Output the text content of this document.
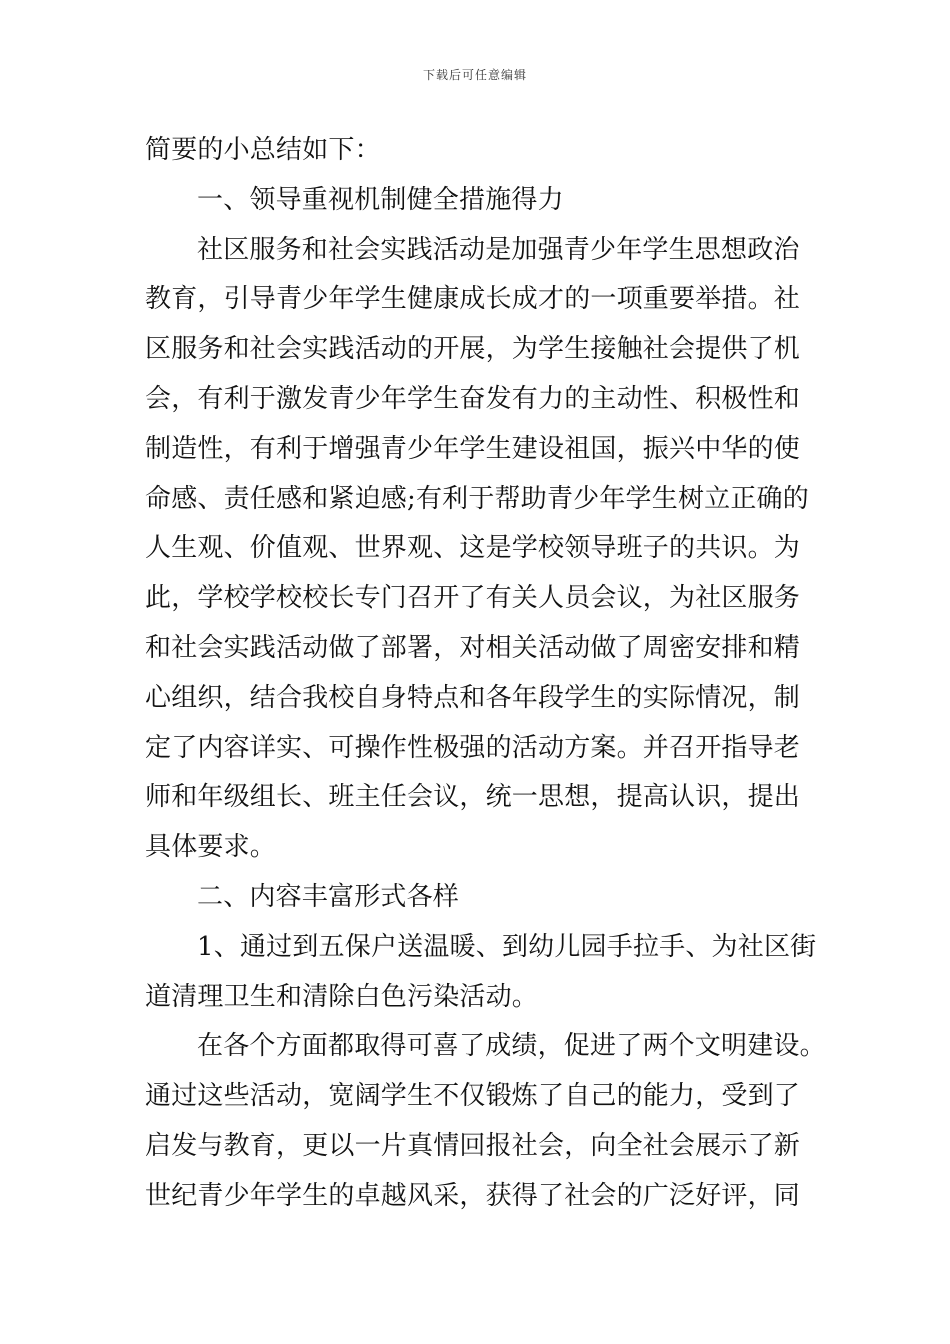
下载后可任意编辑
简要的小总结如下：
一、领导重视机制健全措施得力
社区服务和社会实践活动是加强青少年学生思想政治
教育，引导青少年学生健康成长成才的一项重要举措。社
区服务和社会实践活动的开展，为学生接触社会提供了机
会，有利于激发青少年学生奋发有力的主动性、积极性和
制造性，有利于增强青少年学生建设祖国，振兴中华的使
命感、责任感和紧迫感;有利于帮助青少年学生树立正确的
人生观、价值观、世界观、这是学校领导班子的共识。为
此，学校学校校长专门召开了有关人员会议，为社区服务
和社会实践活动做了部署，对相关活动做了周密安排和精
心组织，结合我校自身特点和各年段学生的实际情况，制
定了内容详实、可操作性极强的活动方案。并召开指导老
师和年级组长、班主任会议，统一思想，提高认识，提出
具体要求。
二、内容丰富形式各样
1、通过到五保户送温暖、到幼儿园手拉手、为社区街
道清理卫生和清除白色污染活动。
在各个方面都取得可喜了成绩，促进了两个文明建设。
通过这些活动，宽阔学生不仅锻炼了自己的能力，受到了
启发与教育，更以一片真情回报社会，向全社会展示了新
世纪青少年学生的卓越风采，获得了社会的广泛好评，同
